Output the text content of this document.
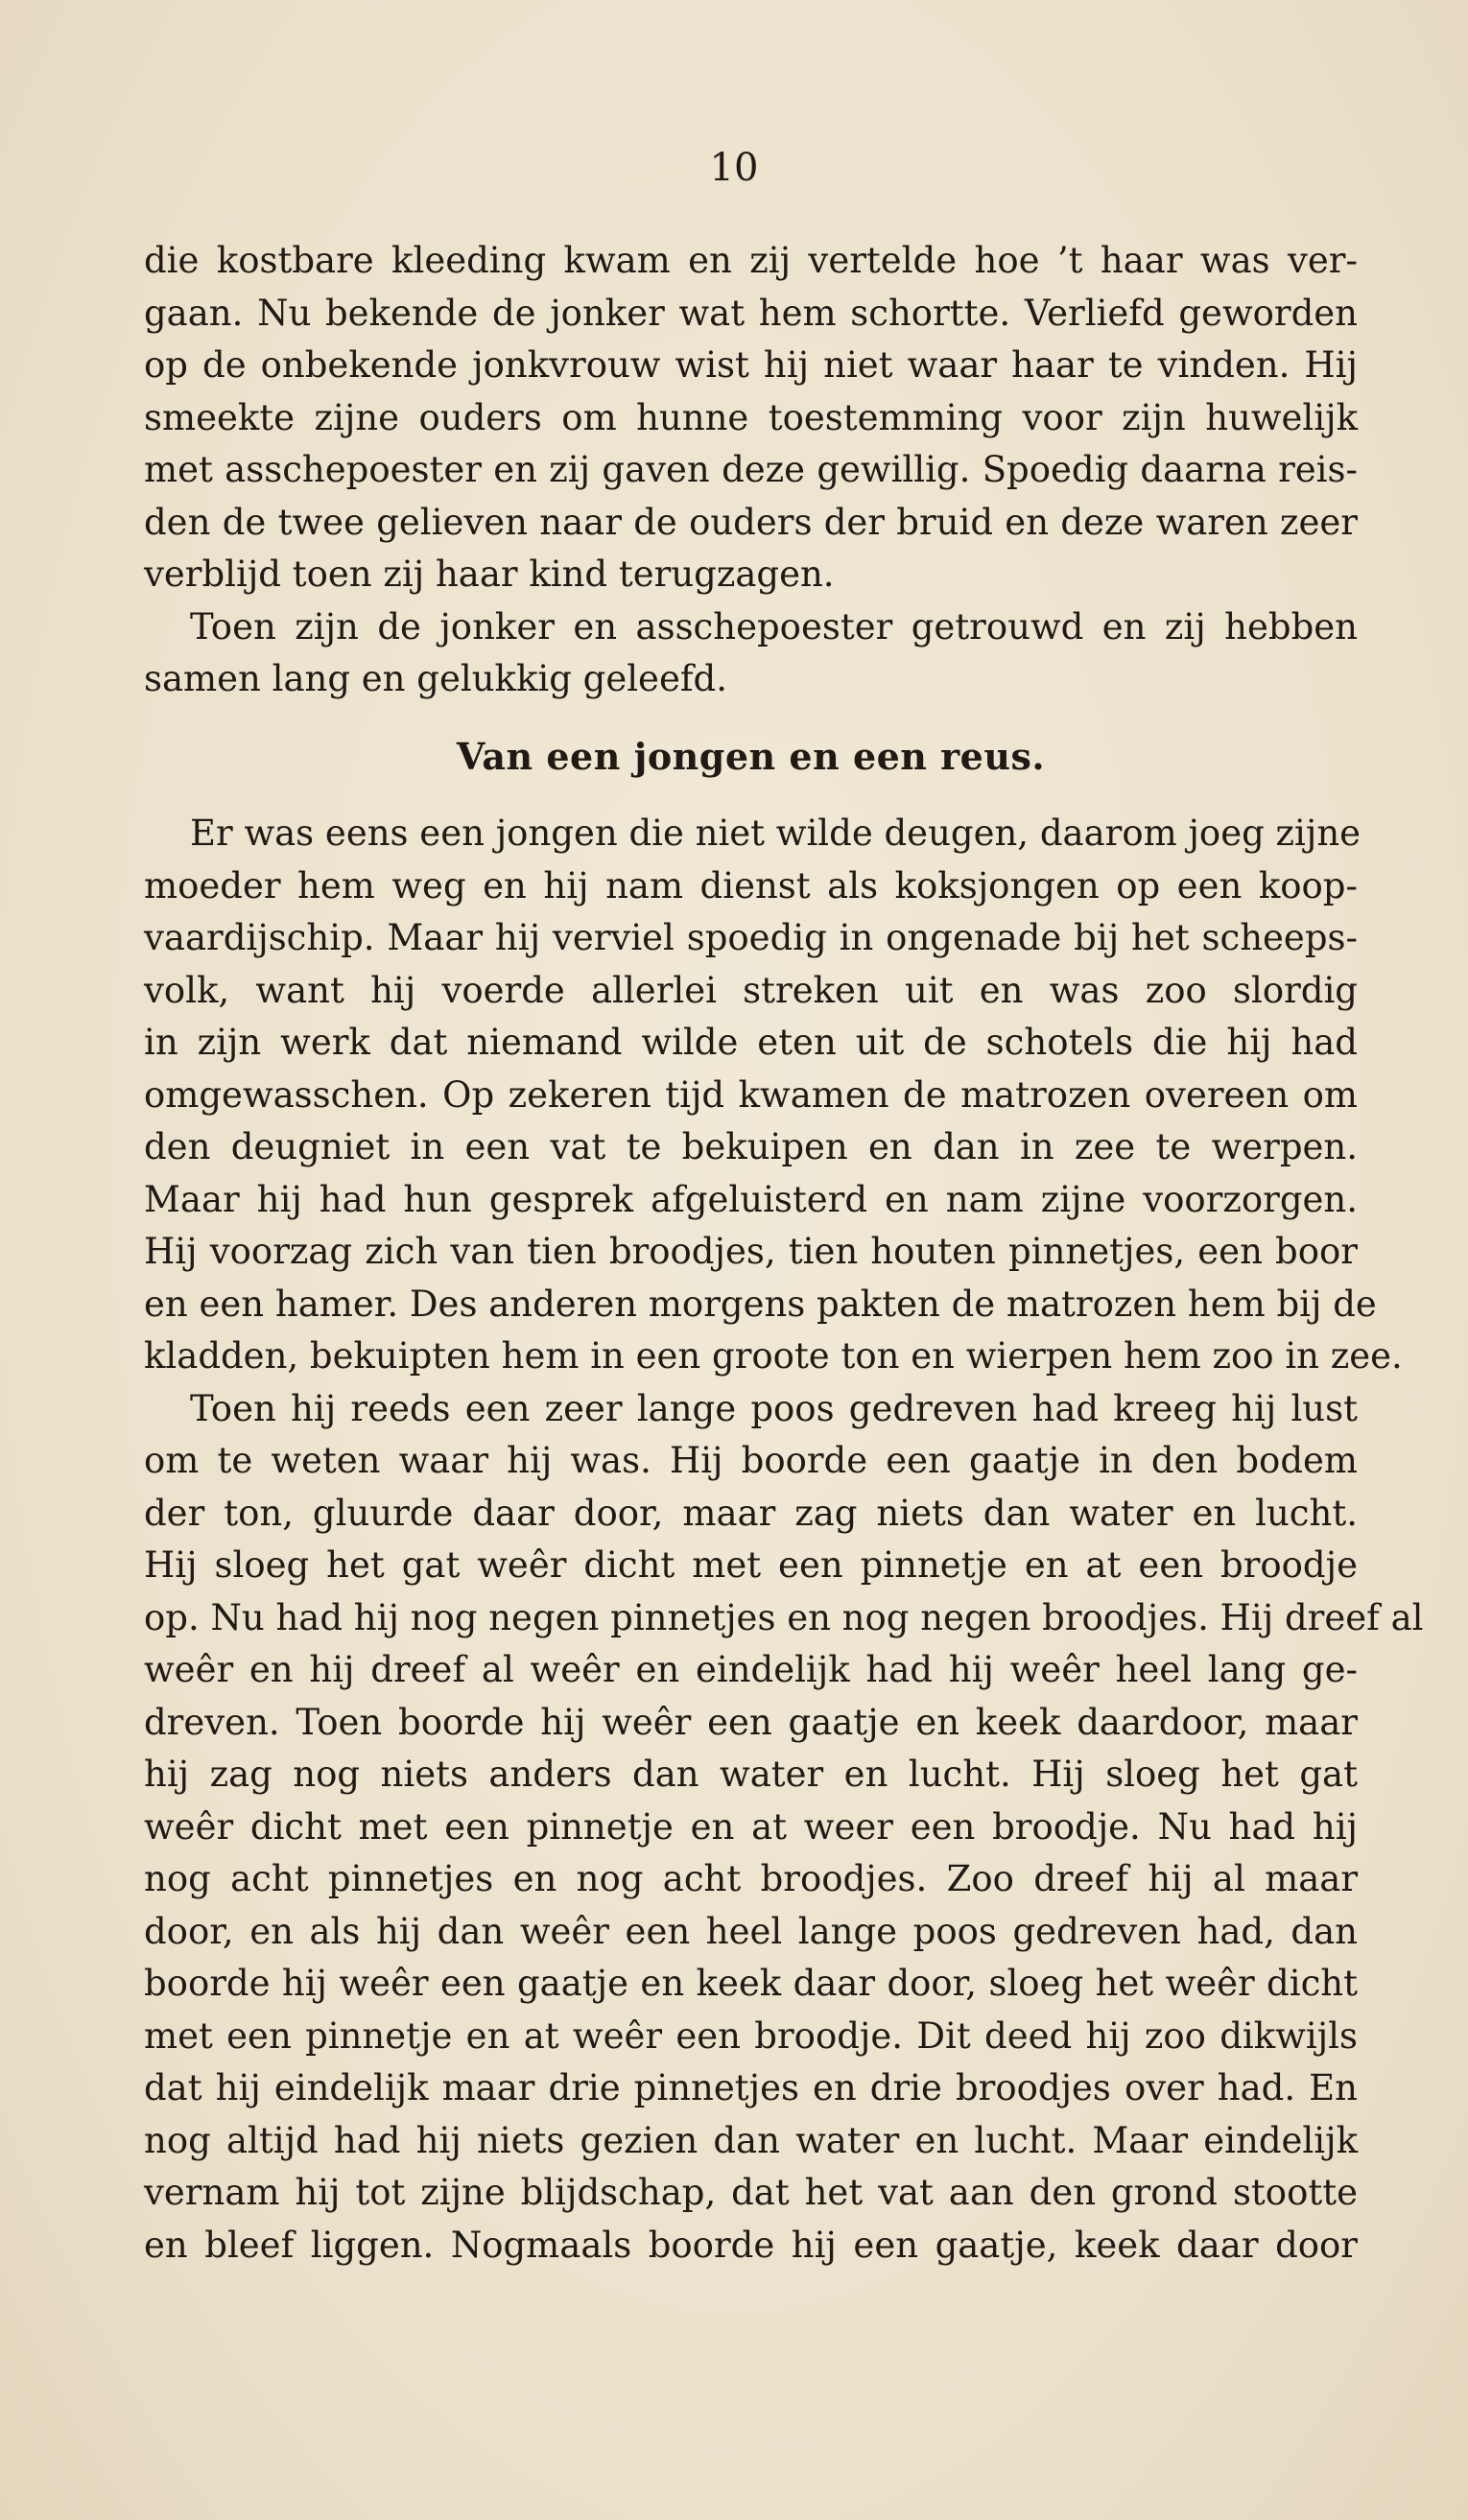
10
die kostbare kleeding kwam en zij vertelde hoe ’t haar was ver-
gaan. Nu bekende de jonker wat hem schortte. Verliefd geworden
op de onbekende jonkvrouw wist hij niet waar haar te vinden. Hij
smeekte zijne ouders om hunne toestemming voor zijn huwelijk
met asschepoester en zij gaven deze gewillig. Spoedig daarna reis-
den de twee gelieven naar de ouders der bruid en deze waren zeer
verblijd toen zij haar kind terugzagen.
Toen zijn de jonker en asschepoester getrouwd en zij hebben
samen lang en gelukkig geleefd.
Van een jongen en een reus.
Er was eens een jongen die niet wilde deugen, daarom joeg zijne
moeder hem weg en hij nam dienst als koksjongen op een koop-
vaardijschip. Maar hij verviel spoedig in ongenade bij het scheeps-
volk, want hij voerde allerlei streken uit en was zoo slordig
in zijn werk dat niemand wilde eten uit de schotels die hij had
omgewasschen. Op zekeren tijd kwamen de matrozen overeen om
den deugniet in een vat te bekuipen en dan in zee te werpen.
Maar hij had hun gesprek afgeluisterd en nam zijne voorzorgen.
Hij voorzag zich van tien broodjes, tien houten pinnetjes, een boor
en een hamer. Des anderen morgens pakten de matrozen hem bij de
kladden, bekuipten hem in een groote ton en wierpen hem zoo in zee.
Toen hij reeds een zeer lange poos gedreven had kreeg hij lust
om te weten waar hij was. Hij boorde een gaatje in den bodem
der ton, gluurde daar door, maar zag niets dan water en lucht.
Hij sloeg het gat weêr dicht met een pinnetje en at een broodje
op. Nu had hij nog negen pinnetjes en nog negen broodjes. Hij dreef al
weêr en hij dreef al weêr en eindelijk had hij weêr heel lang ge-
dreven. Toen boorde hij weêr een gaatje en keek daardoor, maar
hij zag nog niets anders dan water en lucht. Hij sloeg het gat
weêr dicht met een pinnetje en at weer een broodje. Nu had hij
nog acht pinnetjes en nog acht broodjes. Zoo dreef hij al maar
door, en als hij dan weêr een heel lange poos gedreven had, dan
boorde hij weêr een gaatje en keek daar door, sloeg het weêr dicht
met een pinnetje en at weêr een broodje. Dit deed hij zoo dikwijls
dat hij eindelijk maar drie pinnetjes en drie broodjes over had. En
nog altijd had hij niets gezien dan water en lucht. Maar eindelijk
vernam hij tot zijne blijdschap, dat het vat aan den grond stootte
en bleef liggen. Nogmaals boorde hij een gaatje, keek daar door
